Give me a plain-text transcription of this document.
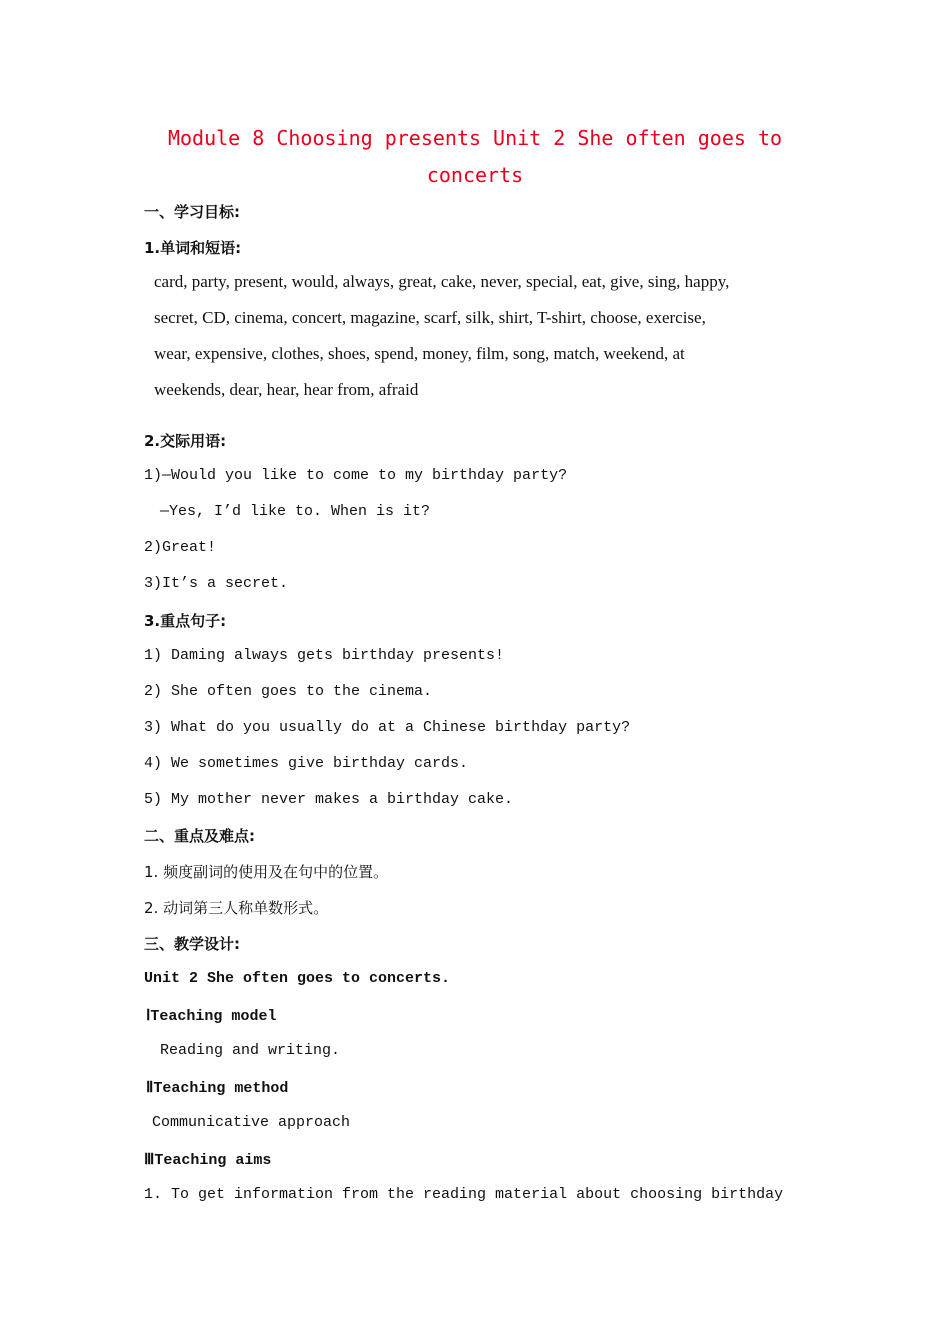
Module 8 Choosing presents Unit 2 She often goes to
concerts
一、学习目标:
1.单词和短语:
card, party, present, would, always, great, cake, never, special, eat, give, sing, happy,
secret, CD, cinema, concert, magazine, scarf, silk, shirt, T-shirt, choose, exercise,
wear, expensive, clothes, shoes, spend, money, film, song, match, weekend, at
weekends, dear, hear, hear from, afraid
2.交际用语:
1)—Would you like to come to my birthday party?
—Yes, I’d like to. When is it?
2)Great!
3)It’s a secret.
3.重点句子:
1) Daming always gets birthday presents!
2) She often goes to the cinema.
3) What do you usually do at a Chinese birthday party?
4) We sometimes give birthday cards.
5) My mother never makes a birthday cake.
二、重点及难点:
1. 频度副词的使用及在句中的位置。
2. 动词第三人称单数形式。
三、教学设计:
Unit 2 She often goes to concerts.
ⅠTeaching model
Reading and writing.
ⅡTeaching method
Communicative approach
ⅢTeaching aims
1. To get information from the reading material about choosing birthday
